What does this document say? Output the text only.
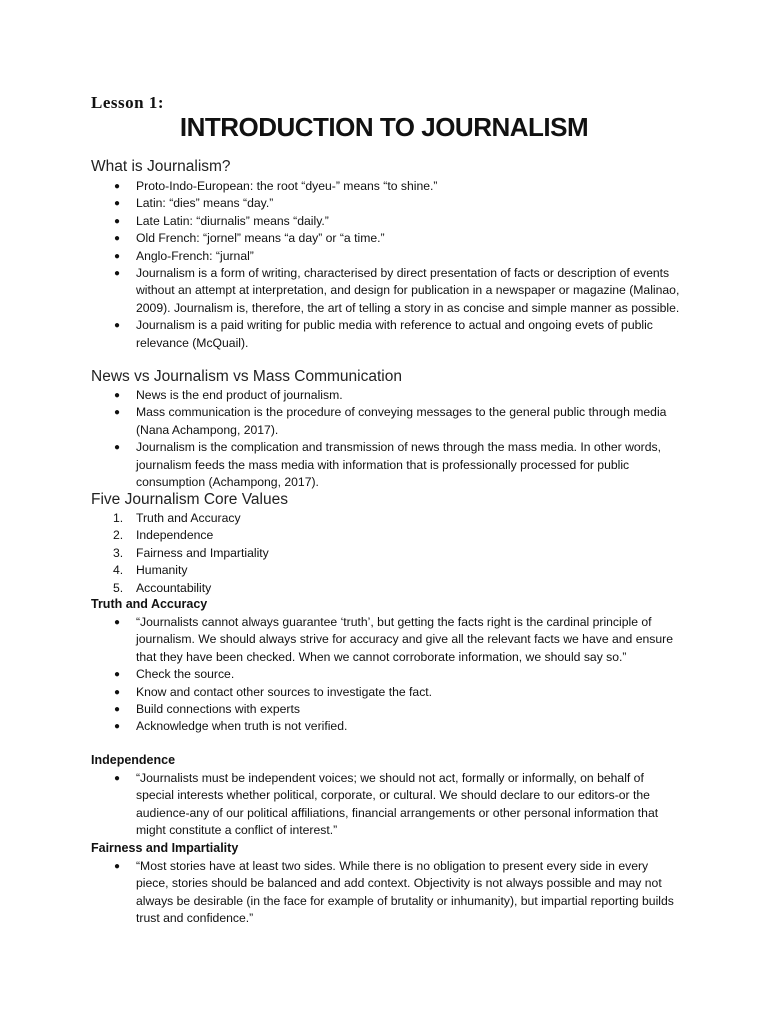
Lesson 1:
INTRODUCTION TO JOURNALISM
What is Journalism?
● Proto-Indo-European: the root “dyeu-” means “to shine.”
● Latin: “dies” means “day.”
● Late Latin: “diurnalis” means “daily.”
● Old French: “jornel” means “a day” or “a time.”
● Anglo-French: “jurnal”
● Journalism is a form of writing, characterised by direct presentation of facts or description of events without an attempt at interpretation, and design for publication in a newspaper or magazine (Malinao, 2009). Journalism is, therefore, the art of telling a story in as concise and simple manner as possible.
● Journalism is a paid writing for public media with reference to actual and ongoing evets of public relevance (McQuail).
News vs Journalism vs Mass Communication
● News is the end product of journalism.
● Mass communication is the procedure of conveying messages to the general public through media (Nana Achampong, 2017).
● Journalism is the complication and transmission of news through the mass media. In other words, journalism feeds the mass media with information that is professionally processed for public consumption (Achampong, 2017).
Five Journalism Core Values
1. Truth and Accuracy
2. Independence
3. Fairness and Impartiality
4. Humanity
5. Accountability
Truth and Accuracy
● “Journalists cannot always guarantee ‘truth’, but getting the facts right is the cardinal principle of journalism. We should always strive for accuracy and give all the relevant facts we have and ensure that they have been checked. When we cannot corroborate information, we should say so.”
● Check the source.
● Know and contact other sources to investigate the fact.
● Build connections with experts
● Acknowledge when truth is not verified.
Independence
● “Journalists must be independent voices; we should not act, formally or informally, on behalf of special interests whether political, corporate, or cultural. We should declare to our editors-or the audience-any of our political affiliations, financial arrangements or other personal information that might constitute a conflict of interest.”
Fairness and Impartiality
● “Most stories have at least two sides. While there is no obligation to present every side in every piece, stories should be balanced and add context. Objectivity is not always possible and may not always be desirable (in the face for example of brutality or inhumanity), but impartial reporting builds trust and confidence.”
